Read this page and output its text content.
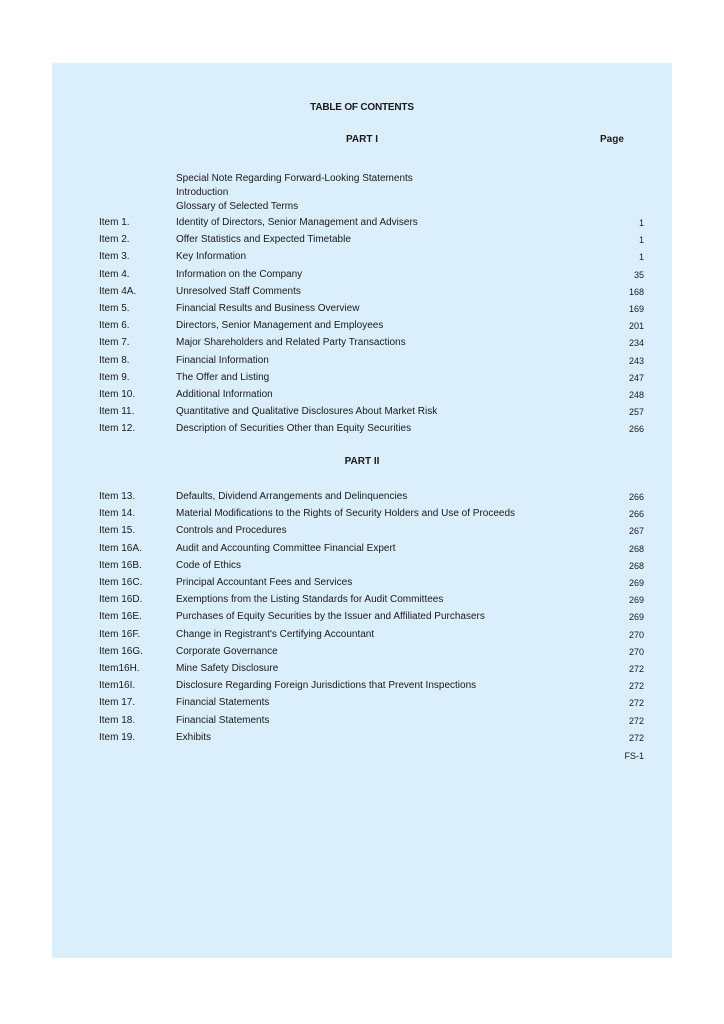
TABLE OF CONTENTS
PART I	Page
Special Note Regarding Forward-Looking Statements
Introduction
Glossary of Selected Terms
Item 1.	Identity of Directors, Senior Management and Advisers	1
Item 2.	Offer Statistics and Expected Timetable	1
Item 3.	Key Information	1
Item 4.	Information on the Company	35
Item 4A.	Unresolved Staff Comments	168
Item 5.	Financial Results and Business Overview	169
Item 6.	Directors, Senior Management and Employees	201
Item 7.	Major Shareholders and Related Party Transactions	234
Item 8.	Financial Information	243
Item 9.	The Offer and Listing	247
Item 10.	Additional Information	248
Item 11.	Quantitative and Qualitative Disclosures About Market Risk	257
Item 12.	Description of Securities Other than Equity Securities	266
PART II
Item 13.	Defaults, Dividend Arrangements and Delinquencies	266
Item 14.	Material Modifications to the Rights of Security Holders and Use of Proceeds	266
Item 15.	Controls and Procedures	267
Item 16A.	Audit and Accounting Committee Financial Expert	268
Item 16B.	Code of Ethics	268
Item 16C.	Principal Accountant Fees and Services	269
Item 16D.	Exemptions from the Listing Standards for Audit Committees	269
Item 16E.	Purchases of Equity Securities by the Issuer and Affiliated Purchasers	269
Item 16F.	Change in Registrant's Certifying Accountant	270
Item 16G.	Corporate Governance	270
Item16H.	Mine Safety Disclosure	272
Item16I.	Disclosure Regarding Foreign Jurisdictions that Prevent Inspections	272
Item 17.	Financial Statements	272
Item 18.	Financial Statements	272
Item 19.	Exhibits	272
FS-1
